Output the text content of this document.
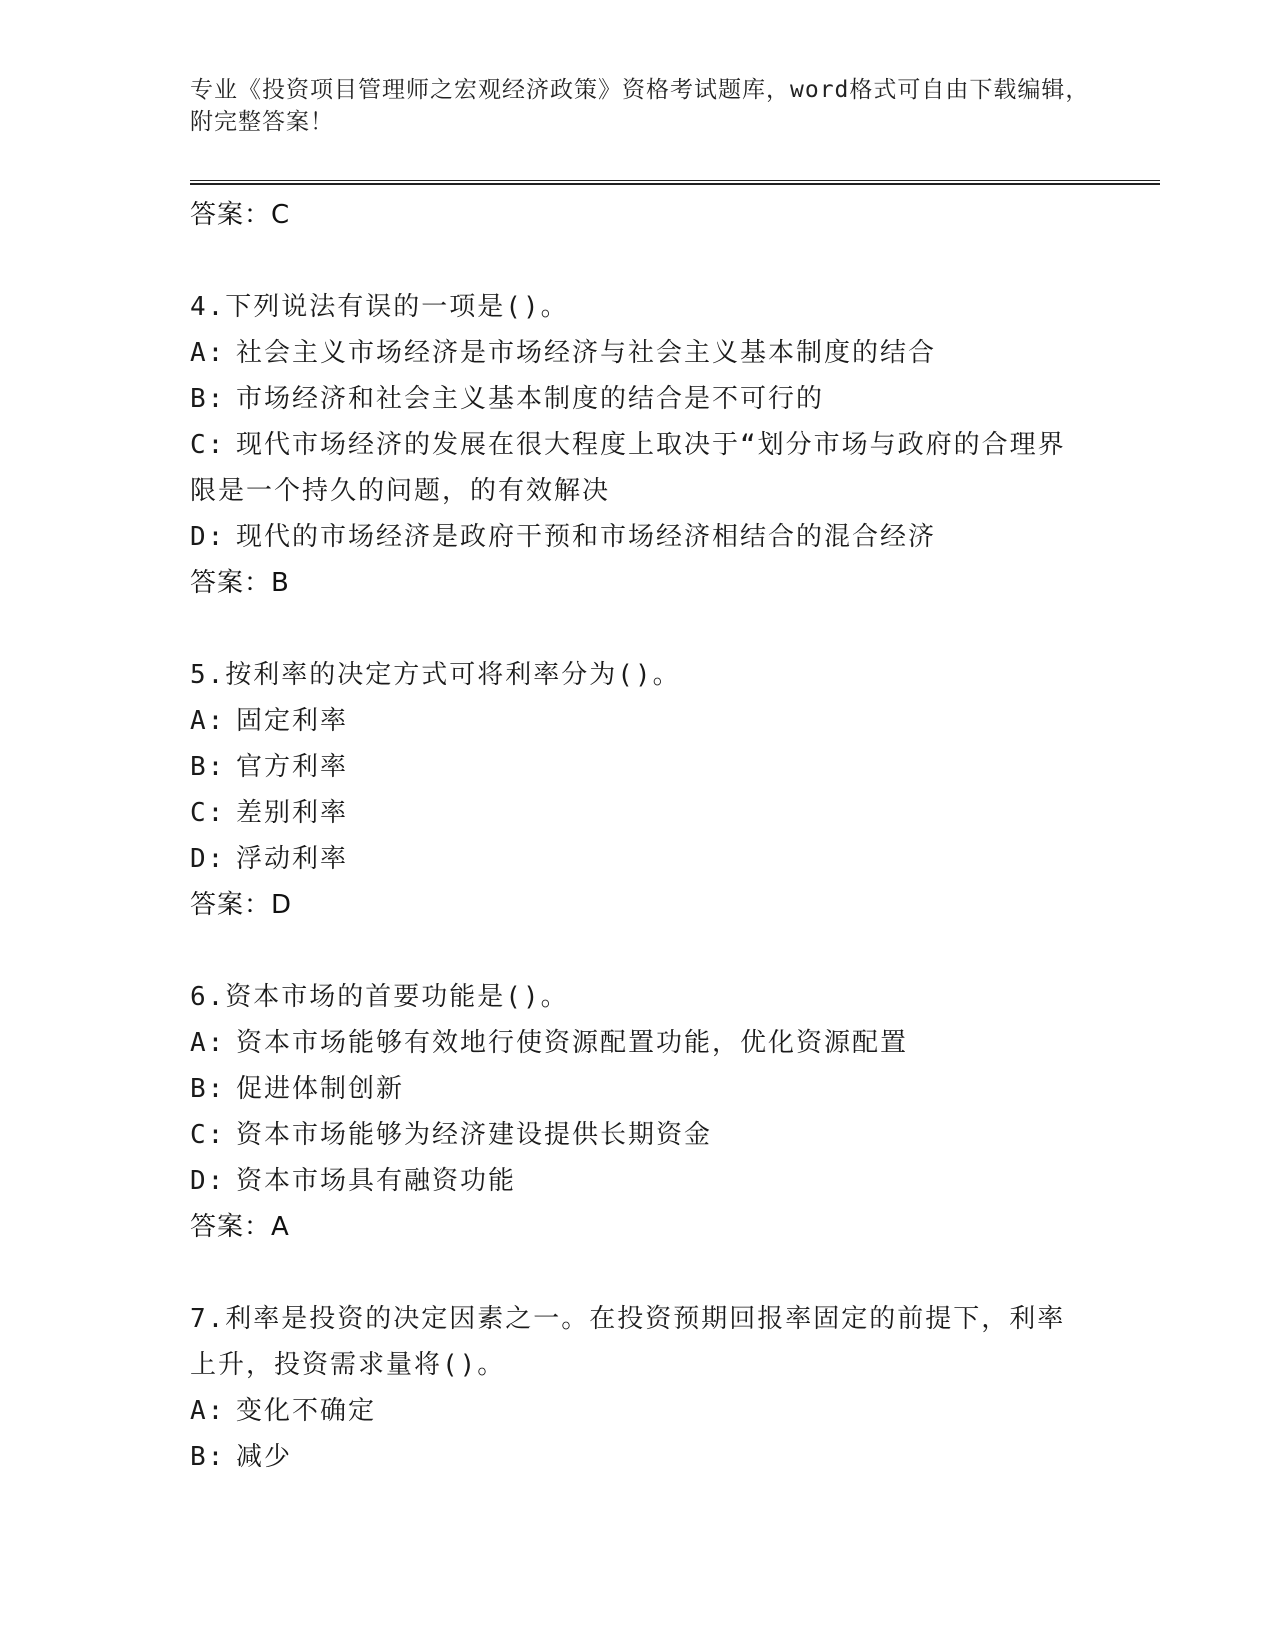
专业《投资项目管理师之宏观经济政策》资格考试题库，word格式可自由下载编辑，附完整答案！
答案：C
4.下列说法有误的一项是()。
A: 社会主义市场经济是市场经济与社会主义基本制度的结合
B: 市场经济和社会主义基本制度的结合是不可行的
C: 现代市场经济的发展在很大程度上取决于“划分市场与政府的合理界限是一个持久的问题，的有效解决
D: 现代的市场经济是政府干预和市场经济相结合的混合经济
答案：B
5.按利率的决定方式可将利率分为()。
A: 固定利率
B: 官方利率
C: 差别利率
D: 浮动利率
答案：D
6.资本市场的首要功能是()。
A: 资本市场能够有效地行使资源配置功能，优化资源配置
B: 促进体制创新
C: 资本市场能够为经济建设提供长期资金
D: 资本市场具有融资功能
答案：A
7.利率是投资的决定因素之一。在投资预期回报率固定的前提下，利率上升，投资需求量将()。
A: 变化不确定
B: 减少
